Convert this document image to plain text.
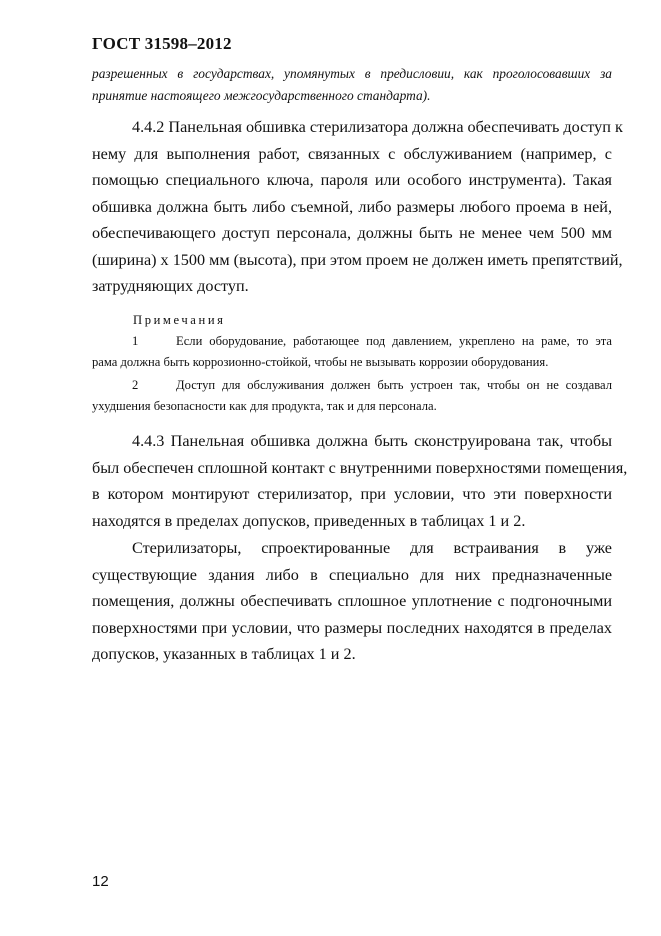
ГОСТ 31598–2012
разрешенных в государствах, упомянутых в предисловии, как проголосовавших за
принятие настоящего межгосударственного стандарта).
4.4.2 Панельная обшивка стерилизатора должна обеспечивать доступ к
нему для выполнения работ, связанных с обслуживанием (например, с
помощью специального ключа, пароля или особого инструмента). Такая
обшивка должна быть либо съемной, либо размеры любого проема в ней,
обеспечивающего доступ персонала, должны быть не менее чем 500 мм
(ширина) х 1500 мм (высота), при этом проем не должен иметь препятствий,
затрудняющих доступ.
Примечания
1	Если оборудование, работающее под давлением, укреплено на раме, то эта
рама должна быть коррозионно-стойкой, чтобы не вызывать коррозии оборудования.
2	Доступ для обслуживания должен быть устроен так, чтобы он не создавал
ухудшения безопасности как для продукта, так и для персонала.
4.4.3 Панельная обшивка должна быть сконструирована так, чтобы
был обеспечен сплошной контакт с внутренними поверхностями помещения,
в котором монтируют стерилизатор, при условии, что эти поверхности
находятся в пределах допусков, приведенных в таблицах 1 и 2.
Стерилизаторы, спроектированные для встраивания в уже
существующие здания либо в специально для них предназначенные
помещения, должны обеспечивать сплошное уплотнение с подгоночными
поверхностями при условии, что размеры последних находятся в пределах
допусков, указанных в таблицах 1 и 2.
12
